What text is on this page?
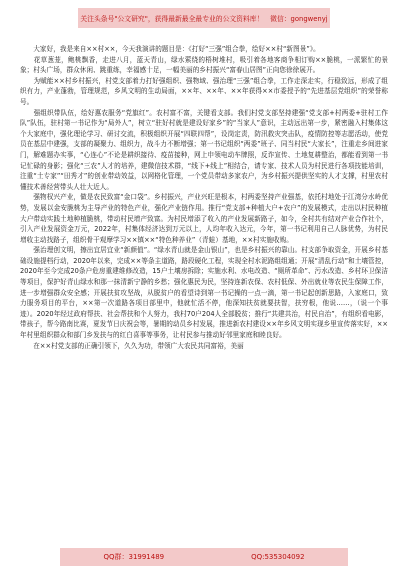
关注头条号"公文研究"，获得最新最全最专业的公文资料库！　微信：gongwenyj

　　大家好，我是来自××村××，今天我演讲的题目是：《打好“三强”组合拳，绘好××村“新图景”》。

　　花草葱茏，鲍桃飘香，走进八月，蓝天青山，绿水萦绕的梧树堆村，吸引着各地客商争相订购××脆桃，一派繁忙的景象；村头广场，群众休闲、跳重练，幸福感十足，一幅美丽的乡村振兴“富春山居图”正向您徐徐展开。

　　为赋能××村乡村振兴，村党支部着力打好强组织、强物域、强治理“三强”组合拳，工作走深走实，行稳致远，形成了组织有力，产业蓬勃，管理规范，乡风文明的生动局面，××年、××年、××年获得××市委授予的“先进基层党组织”的荣誉称号。

　　强组织带队伍，绘好惠农服务“党旗红”。农村富不富，关键看支部。我们村党支部坚持建强“党支部+村两委+驻村工作队”队伍，驻村第一书记作为“局外人”，树立“驻好村就是建设好家乡”的“当家人”意识，主动远出第一步，紧密融入村集体这个大家庭中，强化理论学习、研讨交流，积极组织开展“四联四帮”，设岗定责，防汛救灾突击队，疫情防控等志愿活动，使党员在基层中建强，支部的凝聚力、组织力，战斗力不断增强；第一书记组织“两委”班子、同当村民“大家长”，注重走乡间进家门，解难题办实事，“心连心”不论是耕织接待、疫苗接种，网上申领电动车牌照，反诈宣传、土地复耕整治，都能看到第一书记忙碌的身影；强化“三农”人才的培养，建微信技术群，“线下+线上”相结合，请专家、技术人员为村民进行各项技能培训，注重“土专家”“田秀才”的创业带动效益，以网格化管理，一个党员带动多家农户，为乡村振兴提供坚实的人才支撑，村里农村懂技术善经营带头人壮大近人。

　　强物权兴产业，做是农民致富“金口袋”。乡村振兴，产业兴旺是根本，村两委坚持产业强基，依托村地处于江湾分水岭优势，发展以金安脆桃为主导产业的特色产业，强化产业链作用。推行“党支部+种植大户+农户”的发展模式，走出以村民种植大户带动实践土地种植脆桃，带动村民增产致富。为村民增添了收入的产业发展新路子，如今，全村共有结对产业合作社个，引入产业发展资金万元，2022年，村集体经济达到万元以上，人均年收入达元，今年，第一书记利用自己人脉优势，为村民增收主动找路子，组织骨干观摩学习××镇××“特色种养业”（青蛙）基地，××村实施收购。

　　强治理创文明，擦出宜居宜业“新颜值”。“绿水青山就是金山银山”，也是乡村振兴的靠山。村支部争取资金，开展乡村基础设施提档行动，2020年以来，完成××等条主道路，路段硬化工程，实现全村水泥路组组通；开展“清乱行动”和土壤管控，2020年至今完成20条户危房重建维修改造，15户土壤房拆除；实施水利、水电改造、“厕所革命”、污水改造、乡村环卫保洁等项目，保护好青山绿水和那一抹清新宁静的乡愁；强化惠民为民，坚持连新农保、农村低保、外出就业等农民生保障工作，进一步增强群众安全感；开展扶贫攻坚战，从脱贫户的看望诗到第一书记操的一点一滴，第一书记起创新思路，入家庭口，致力服务项目的平台，××第一次道路各项目部里中，他就忙活不停，他深知扶贫就要扶智，扶穷根，他说……，（说一个事迹）。2020年经过政府帮扶、社会帮扶和个人努力，我村70户204人全部脱贫；推行“共建共治，村民自治”，有组织看电影，带孩子，帮今路南比赛，夏发节日庆祝会等，暑期的动员乡村发展，推进新农村建设××年乡风文明实现乡里宣传落实好，××年村里组织群众和部门乡发扶与的红白喜事等事务，让村民参与推动好邻里家庭和睦良好。

　　在××村党支部的正确引领下，久久为功，带领广大农民共同富裕，美丽

QQ群：31991489	QQ:535304092
